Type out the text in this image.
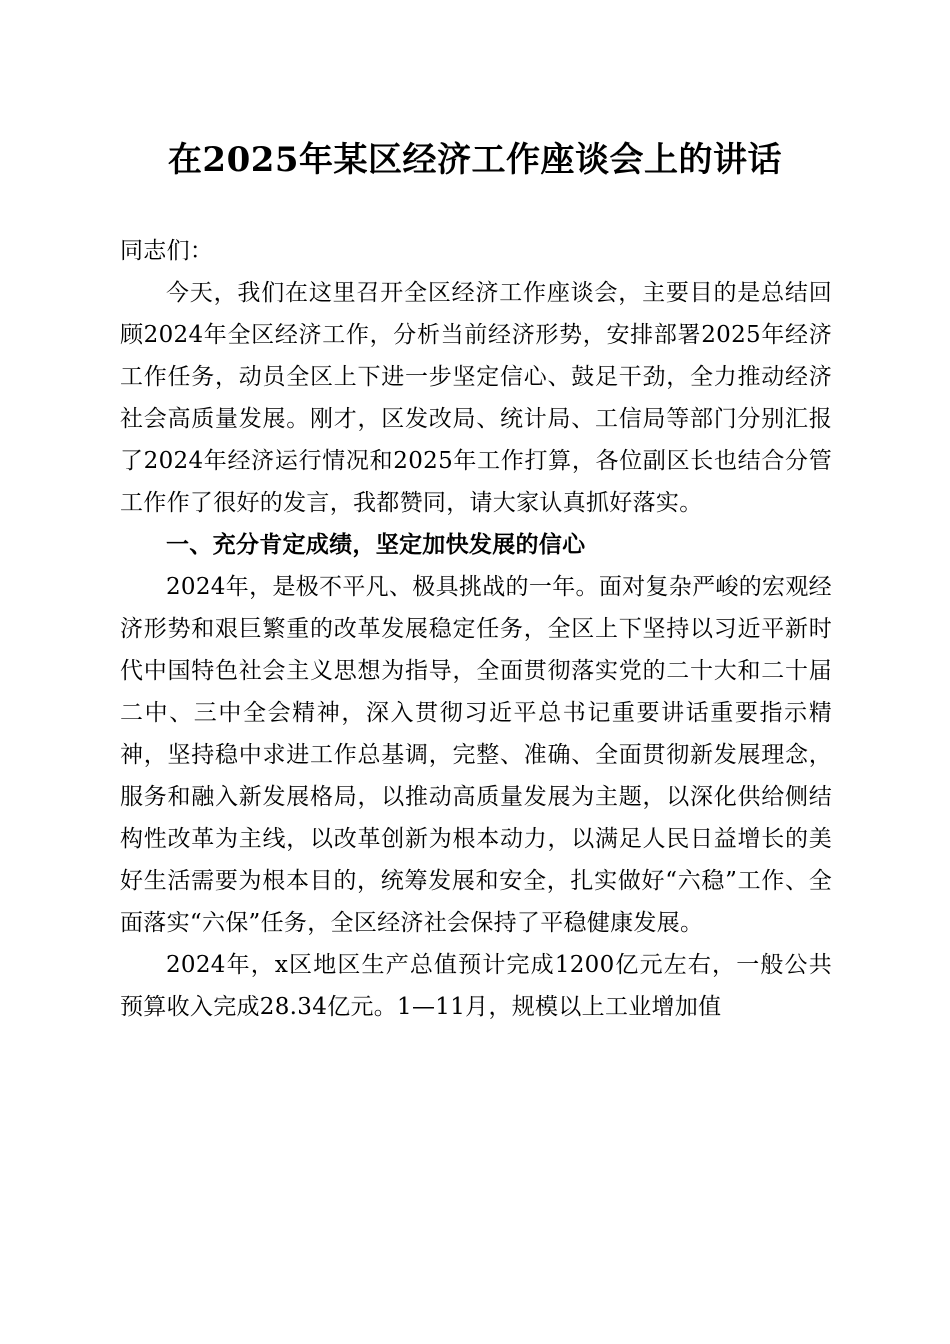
在2025年某区经济工作座谈会上的讲话

同志们：

今天，我们在这里召开全区经济工作座谈会，主要目的是总结回顾2024年全区经济工作，分析当前经济形势，安排部署2025年经济工作任务，动员全区上下进一步坚定信心、鼓足干劲，全力推动经济社会高质量发展。刚才，区发改局、统计局、工信局等部门分别汇报了2024年经济运行情况和2025年工作打算，各位副区长也结合分管工作作了很好的发言，我都赞同，请大家认真抓好落实。

一、充分肯定成绩，坚定加快发展的信心

2024年，是极不平凡、极具挑战的一年。面对复杂严峻的宏观经济形势和艰巨繁重的改革发展稳定任务，全区上下坚持以习近平新时代中国特色社会主义思想为指导，全面贯彻落实党的二十大和二十届二中、三中全会精神，深入贯彻习近平总书记重要讲话重要指示精神，坚持稳中求进工作总基调，完整、准确、全面贯彻新发展理念，服务和融入新发展格局，以推动高质量发展为主题，以深化供给侧结构性改革为主线，以改革创新为根本动力，以满足人民日益增长的美好生活需要为根本目的，统筹发展和安全，扎实做好“六稳”工作、全面落实“六保”任务，全区经济社会保持了平稳健康发展。

2024年，x区地区生产总值预计完成1200亿元左右，一般公共预算收入完成28.34亿元。1—11月，规模以上工业增加值
